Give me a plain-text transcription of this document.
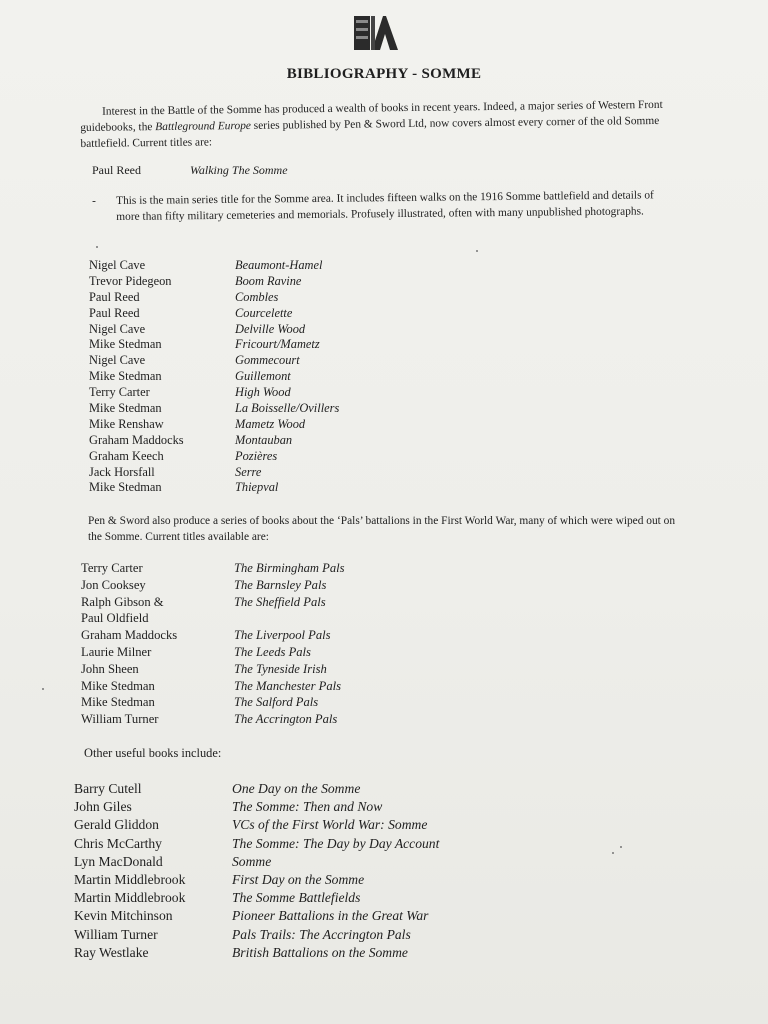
BIBLIOGRAPHY - SOMME
Interest in the Battle of the Somme has produced a wealth of books in recent years. Indeed, a major series of Western Front guidebooks, the Battleground Europe series published by Pen & Sword Ltd, now covers almost every corner of the old Somme battlefield. Current titles are:
Paul Reed	Walking The Somme
- This is the main series title for the Somme area. It includes fifteen walks on the 1916 Somme battlefield and details of more than fifty military cemeteries and memorials. Profusely illustrated, often with many unpublished photographs.
Nigel Cave	Beaumont-Hamel
Trevor Pidegeon	Boom Ravine
Paul Reed	Combles
Paul Reed	Courcelette
Nigel Cave	Delville Wood
Mike Stedman	Fricourt/Mametz
Nigel Cave	Gommecourt
Mike Stedman	Guillemont
Terry Carter	High Wood
Mike Stedman	La Boisselle/Ovillers
Mike Renshaw	Mametz Wood
Graham Maddocks	Montauban
Graham Keech	Pozières
Jack Horsfall	Serre
Mike Stedman	Thiepval
Pen & Sword also produce a series of books about the ‘Pals’ battalions in the First World War, many of which were wiped out on the Somme. Current titles available are:
Terry Carter	The Birmingham Pals
Jon Cooksey	The Barnsley Pals
Ralph Gibson &	The Sheffield Pals
Paul Oldfield
Graham Maddocks	The Liverpool Pals
Laurie Milner	The Leeds Pals
John Sheen	The Tyneside Irish
Mike Stedman	The Manchester Pals
Mike Stedman	The Salford Pals
William Turner	The Accrington Pals
Other useful books include:
Barry Cutell	One Day on the Somme
John Giles	The Somme: Then and Now
Gerald Gliddon	VCs of the First World War: Somme
Chris McCarthy	The Somme: The Day by Day Account
Lyn MacDonald	Somme
Martin Middlebrook	First Day on the Somme
Martin Middlebrook	The Somme Battlefields
Kevin Mitchinson	Pioneer Battalions in the Great War
William Turner	Pals Trails: The Accrington Pals
Ray Westlake	British Battalions on the Somme
